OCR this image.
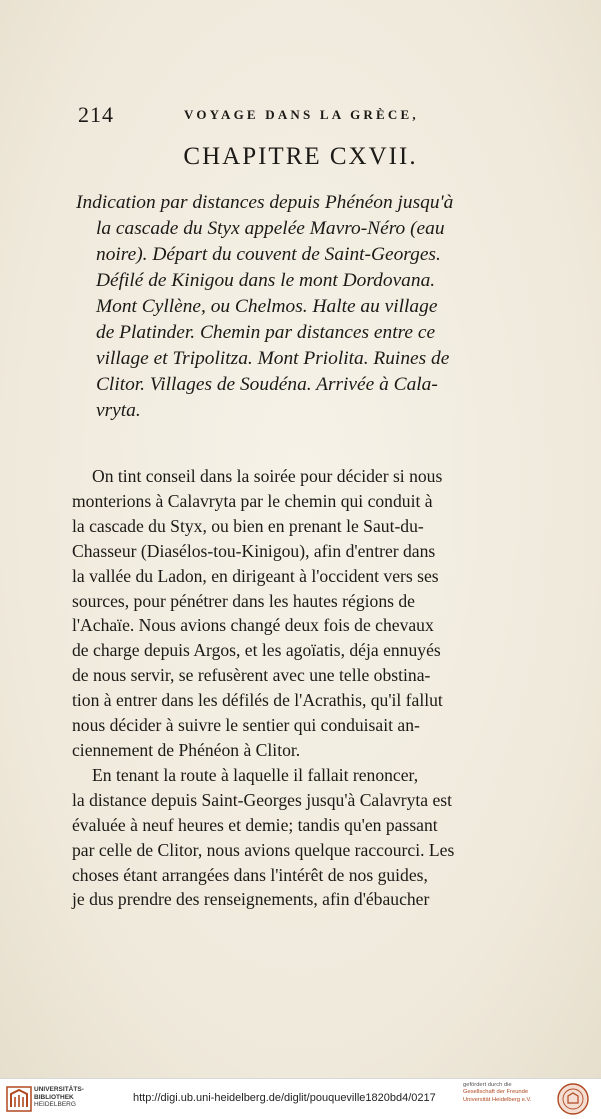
214	VOYAGE DANS LA GRÈCE,
CHAPITRE CXVII.
Indication par distances depuis Phénéon jusqu'à
la cascade du Styx appelée Mavro-Néro (eau
noire). Départ du couvent de Saint-Georges.
Défilé de Kinigou dans le mont Dordovana.
Mont Cyllène, ou Chelmos. Halte au village
de Platinder. Chemin par distances entre ce
village et Tripolitza. Mont Priolita. Ruines de
Clitor. Villages de Soudéna. Arrivée à Cala-
vryta.
On tint conseil dans la soirée pour décider si nous
monterions à Calavryta par le chemin qui conduit à
la cascade du Styx, ou bien en prenant le Saut-du-
Chasseur (Diasélos-tou-Kinigou), afin d'entrer dans
la vallée du Ladon, en dirigeant à l'occident vers ses
sources, pour pénétrer dans les hautes régions de
l'Achaïe. Nous avions changé deux fois de chevaux
de charge depuis Argos, et les agoïatis, déja ennuyés
de nous servir, se refusèrent avec une telle obstina-
tion à entrer dans les défilés de l'Acrathis, qu'il fallut
nous décider à suivre le sentier qui conduisait an-
ciennement de Phénéon à Clitor.
En tenant la route à laquelle il fallait renoncer,
la distance depuis Saint-Georges jusqu'à Calavryta est
évaluée à neuf heures et demie; tandis qu'en passant
par celle de Clitor, nous avions quelque raccourci. Les
choses étant arrangées dans l'intérêt de nos guides,
je dus prendre des renseignements, afin d'ébaucher
UNIVERSITÄTS-
BIBLIOTHEK
HEIDELBERG
http://digi.ub.uni-heidelberg.de/diglit/pouqueville1820bd4/0217
gefördert durch die
Gesellschaft der Freunde
Universität Heidelberg e.V.
